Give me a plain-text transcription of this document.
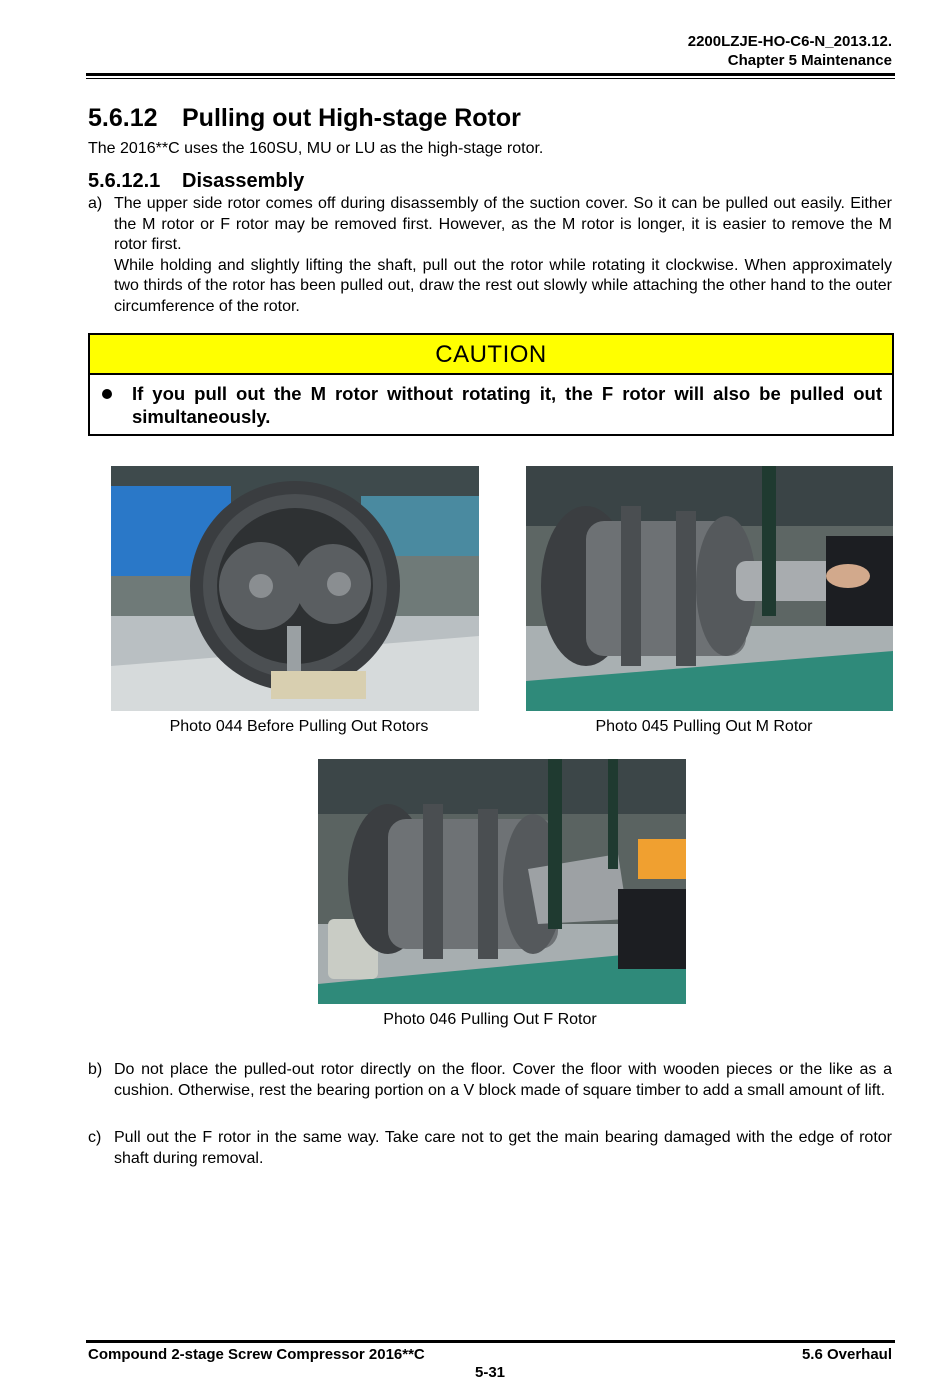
2200LZJE-HO-C6-N_2013.12.
Chapter 5 Maintenance
5.6.12 Pulling out High-stage Rotor
The 2016**C uses the 160SU, MU or LU as the high-stage rotor.
5.6.12.1 Disassembly
a) The upper side rotor comes off during disassembly of the suction cover. So it can be pulled out easily. Either the M rotor or F rotor may be removed first. However, as the M rotor is longer, it is easier to remove the M rotor first.

While holding and slightly lifting the shaft, pull out the rotor while rotating it clockwise. When approximately two thirds of the rotor has been pulled out, draw the rest out slowly while attaching the other hand to the outer circumference of the rotor.

CAUTION
If you pull out the M rotor without rotating it, the F rotor will also be pulled out simultaneously.
Photo 044 Before Pulling Out Rotors	Photo 045 Pulling Out M Rotor
Photo 046 Pulling Out F Rotor
b) Do not place the pulled-out rotor directly on the floor. Cover the floor with wooden pieces or the like as a cushion. Otherwise, rest the bearing portion on a V block made of square timber to add a small amount of lift.

c) Pull out the F rotor in the same way. Take care not to get the main bearing damaged with the edge of rotor shaft during removal.

Compound 2-stage Screw Compressor 2016**C	5.6 Overhaul
5-31
